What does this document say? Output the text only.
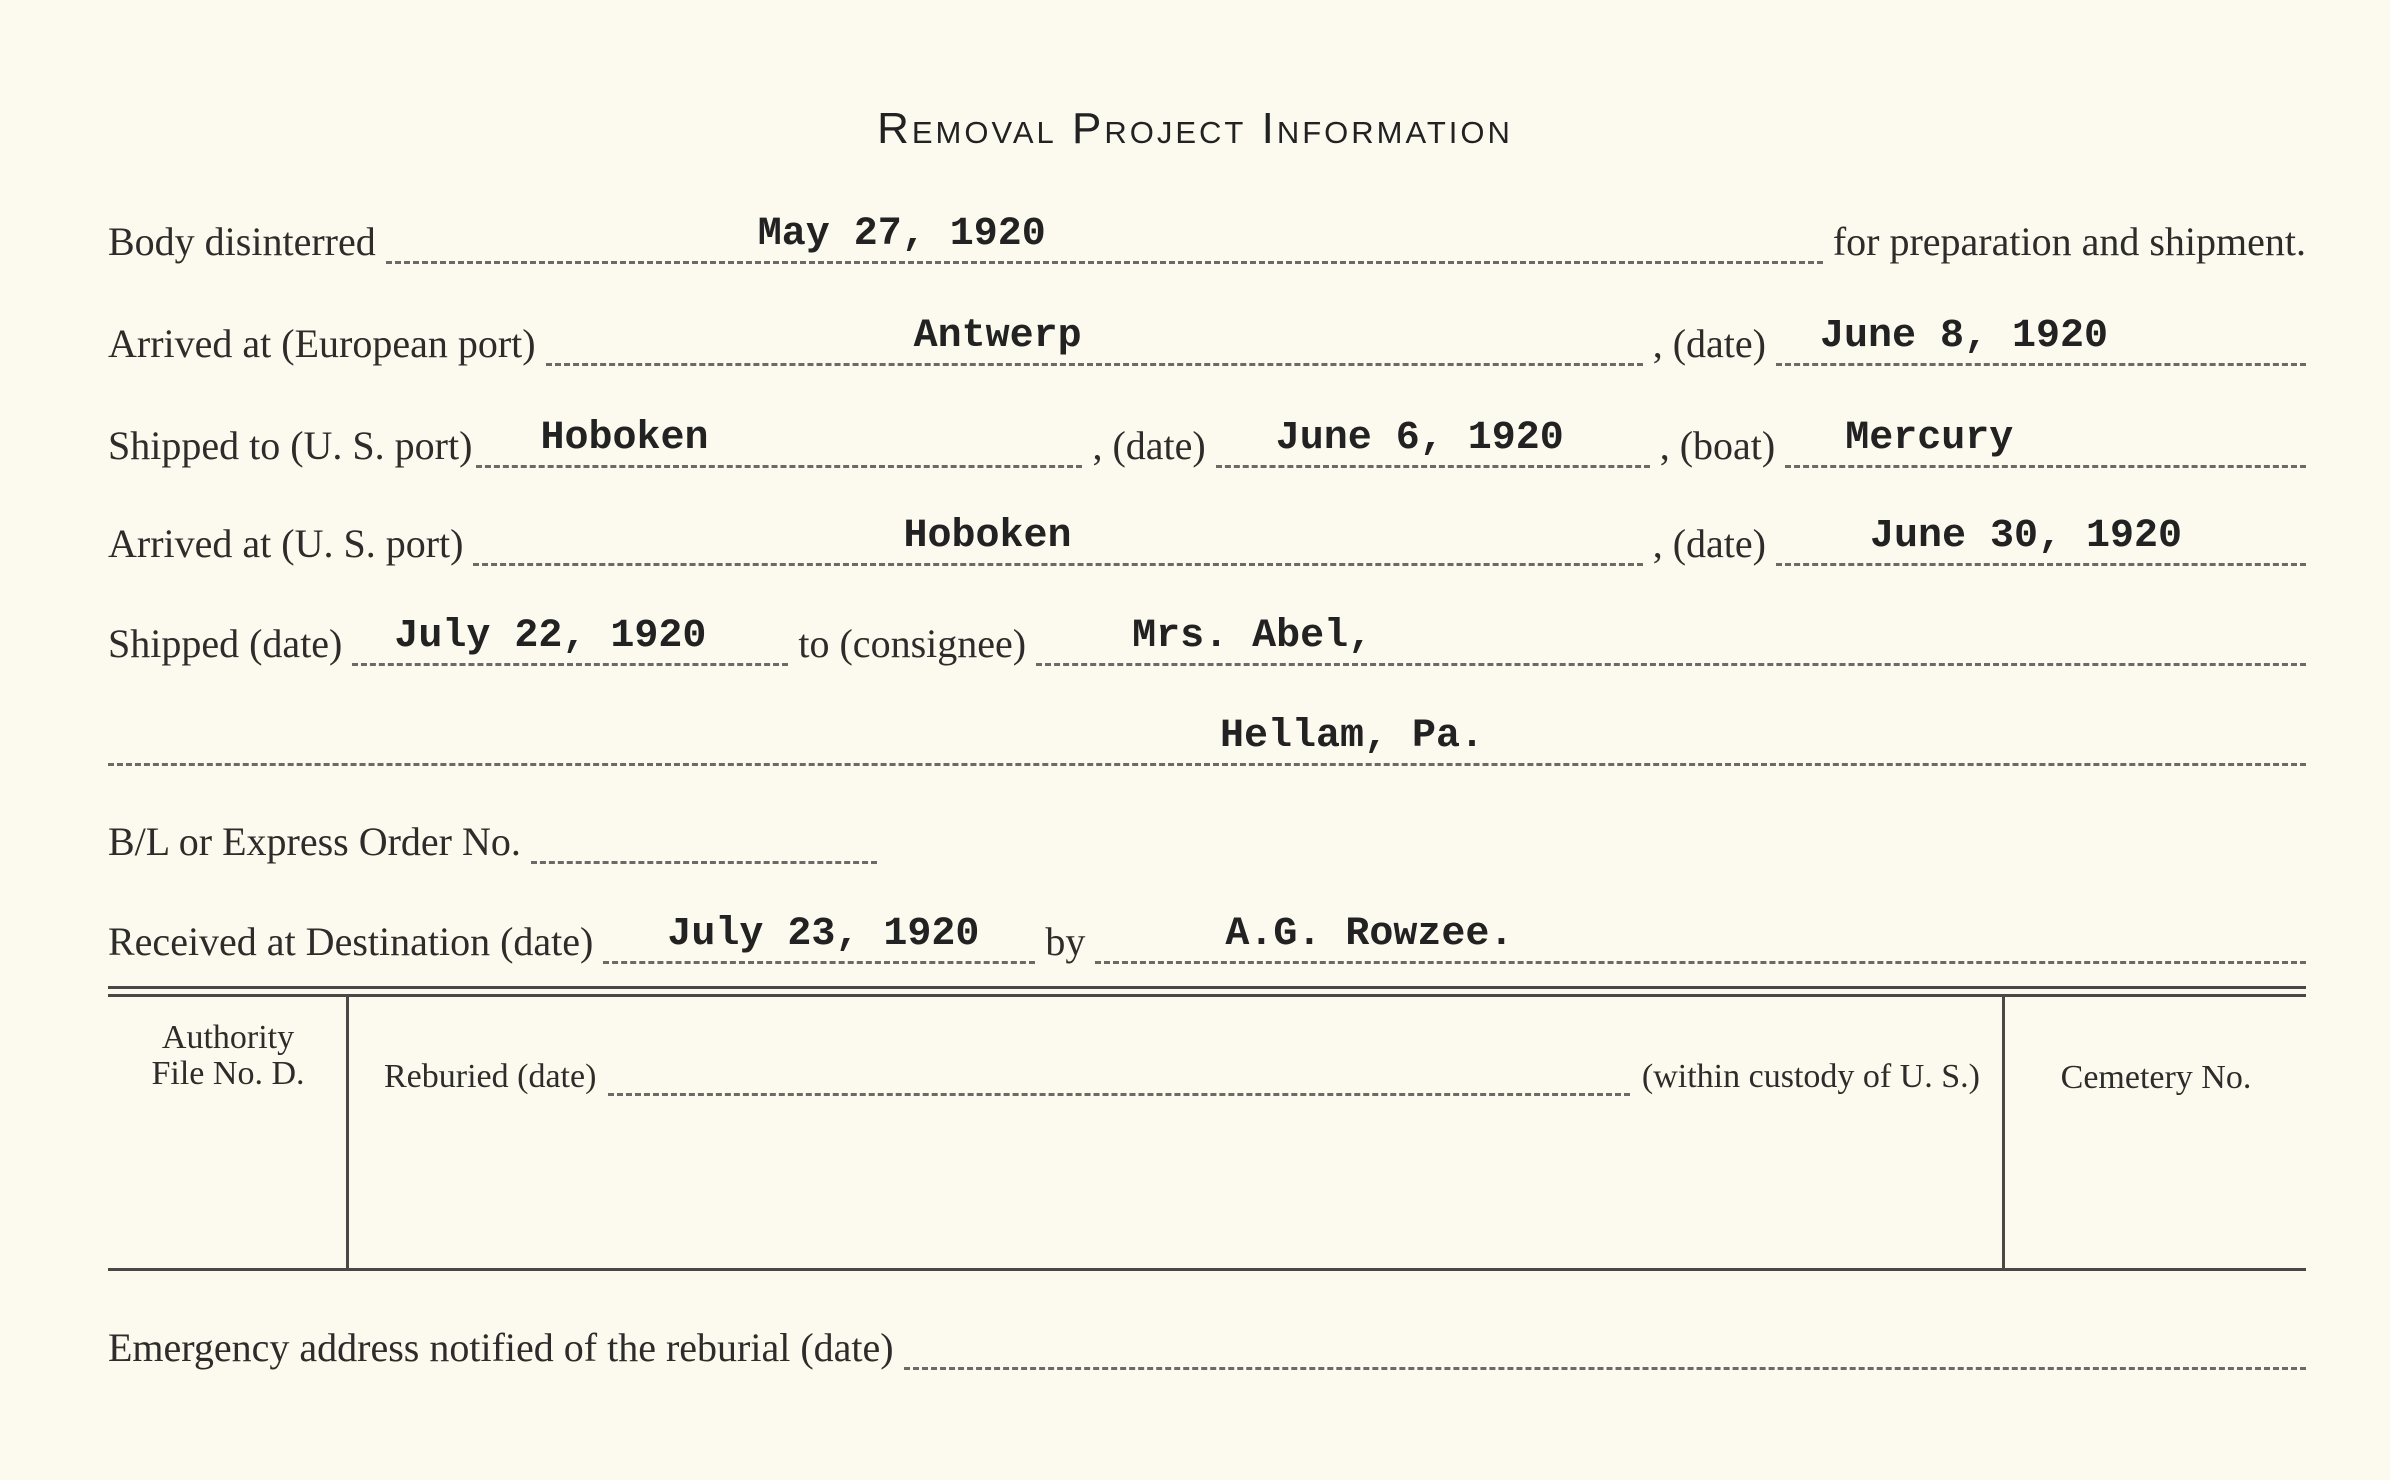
Removal Project Information
Body disinterred	May 27, 1920	for preparation and shipment.
Arrived at (European port)	Antwerp	, (date) June 8, 1920
Shipped to (U. S. port) Hoboken	, (date) June 6, 1920 , (boat) Mercury
Arrived at (U. S. port)	Hoboken	, (date)	June 30, 1920
Shipped (date) July 22, 1920 to (consignee)	Mrs. Abel,
Hellam, Pa.
B/L or Express Order No.
Received at Destination (date) July 23, 1920 by	A.G. Rowzee.
Authority
File No. D.	Reburied (date)	(within custody of U. S.)	Cemetery No.
Emergency address notified of the reburial (date)
